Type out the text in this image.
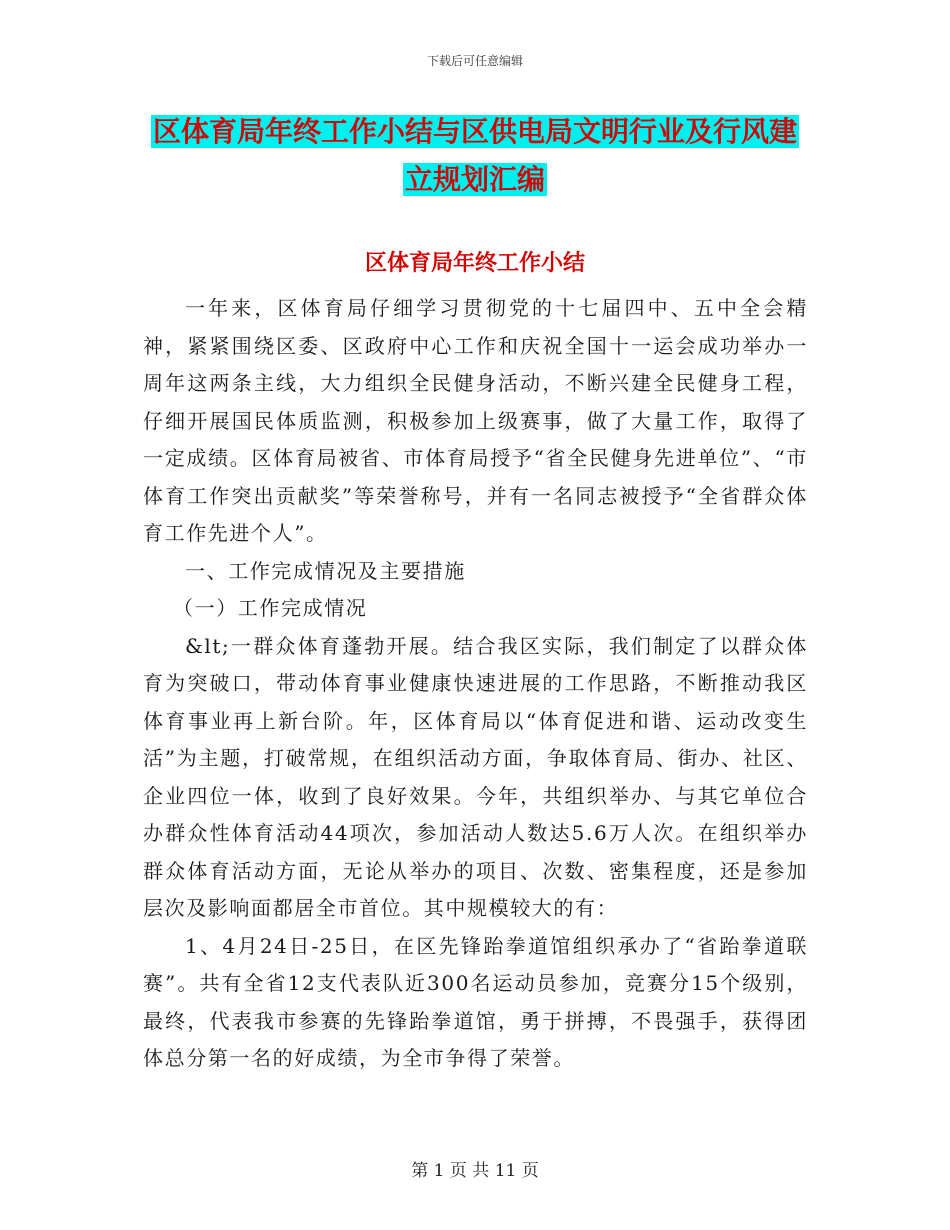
下载后可任意编辑
区体育局年终工作小结与区供电局文明行业及行风建
立规划汇编
区体育局年终工作小结

一年来，区体育局仔细学习贯彻党的十七届四中、五中全会精神，紧紧围绕区委、区政府中心工作和庆祝全国十一运会成功举办一周年这两条主线，大力组织全民健身活动，不断兴建全民健身工程，仔细开展国民体质监测，积极参加上级赛事，做了大量工作，取得了一定成绩。区体育局被省、市体育局授予“省全民健身先进单位”、“市体育工作突出贡献奖”等荣誉称号，并有一名同志被授予“全省群众体育工作先进个人”。

一、工作完成情况及主要措施

（一）工作完成情况

&lt;一群众体育蓬勃开展。结合我区实际，我们制定了以群众体育为突破口，带动体育事业健康快速进展的工作思路，不断推动我区体育事业再上新台阶。年，区体育局以“体育促进和谐、运动改变生活”为主题，打破常规，在组织活动方面，争取体育局、街办、社区、企业四位一体，收到了良好效果。今年，共组织举办、与其它单位合办群众性体育活动44项次，参加活动人数达5.6万人次。在组织举办群众体育活动方面，无论从举办的项目、次数、密集程度，还是参加层次及影响面都居全市首位。其中规模较大的有：

1、4月24日-25日，在区先锋跆拳道馆组织承办了“省跆拳道联赛”。共有全省12支代表队近300名运动员参加，竞赛分15个级别，最终，代表我市参赛的先锋跆拳道馆，勇于拼搏，不畏强手，获得团体总分第一名的好成绩，为全市争得了荣誉。

第 1 页 共 11 页
